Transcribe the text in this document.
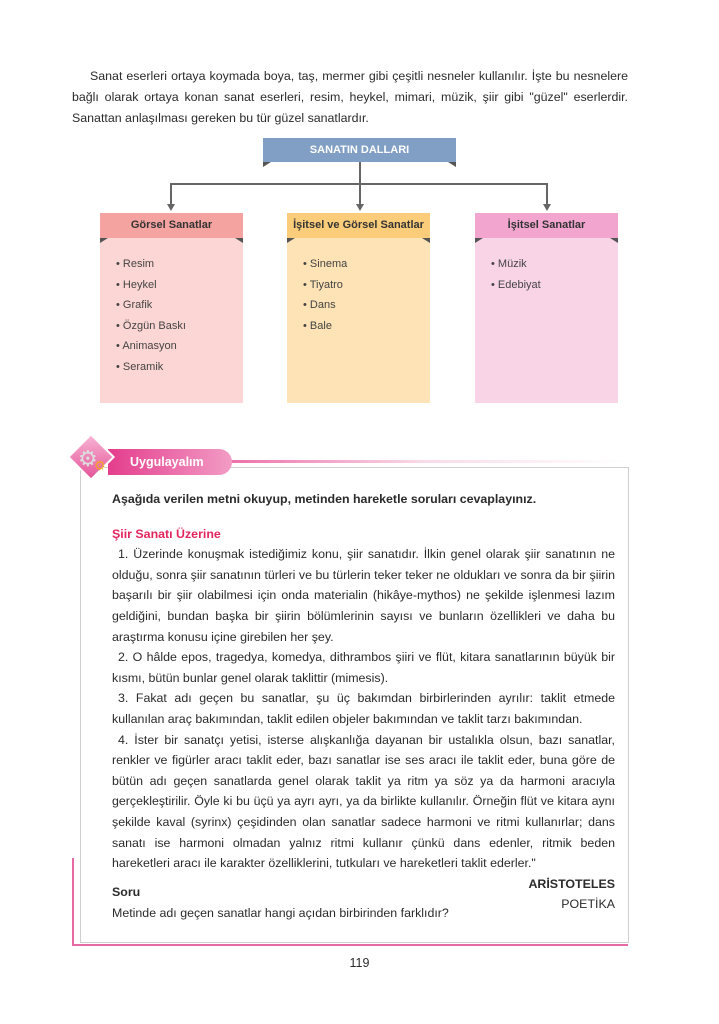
Sanat eserleri ortaya koymada boya, taş, mermer gibi çeşitli nesneler kullanılır. İşte bu nesnelere bağlı olarak ortaya konan sanat eserleri, resim, heykel, mimari, müzik, şiir gibi "güzel" eserlerdir. Sanattan anlaşılması gereken bu tür güzel sanatlardır.

SANATIN DALLARI
Görsel Sanatlar
• Resim
• Heykel
• Grafik
• Özgün Baskı
• Animasyon
• Seramik
İşitsel ve Görsel Sanatlar
• Sinema
• Tiyatro
• Dans
• Bale
İşitsel Sanatlar
• Müzik
• Edebiyat
Uygulayalım
⚙
⚙

Aşağıda verilen metni okuyup, metinden hareketle soruları cevaplayınız.

Şiir Sanatı Üzerine

1. Üzerinde konuşmak istediğimiz konu, şiir sanatıdır. İlkin genel olarak şiir sanatının ne olduğu, sonra şiir sanatının türleri ve bu türlerin teker teker ne oldukları ve sonra da bir şiirin başarılı bir şiir olabilmesi için onda materialin (hikâye-mythos) ne şekilde işlenmesi lazım geldiğini, bundan başka bir şiirin bölümlerinin sayısı ve bunların özellikleri ve daha bu araştırma konusu içine girebilen her şey.

2. O hâlde epos, tragedya, komedya, dithrambos şiiri ve flüt, kitara sanatlarının büyük bir kısmı, bütün bunlar genel olarak taklittir (mimesis).

3. Fakat adı geçen bu sanatlar, şu üç bakımdan birbirlerinden ayrılır: taklit etmede kullanılan araç bakımından, taklit edilen objeler bakımından ve taklit tarzı bakımından.

4. İster bir sanatçı yetisi, isterse alışkanlığa dayanan bir ustalıkla olsun, bazı sanatlar, renkler ve figürler aracı taklit eder, bazı sanatlar ise ses aracı ile taklit eder, buna göre de bütün adı geçen sanatlarda genel olarak taklit ya ritm ya söz ya da harmoni aracıyla gerçekleştirilir. Öyle ki bu üçü ya ayrı ayrı, ya da birlikte kullanılır. Örneğin flüt ve kitara aynı şekilde kaval (syrinx) çeşidinden olan sanatlar sadece harmoni ve ritmi kullanırlar; dans sanatı ise harmoni olmadan yalnız ritmi kullanır çünkü dans edenler, ritmik beden hareketleri aracı ile karakter özelliklerini, tutkuları ve hareketleri taklit ederler."

ARİSTOTELES

POETİKA

Soru
Metinde adı geçen sanatlar hangi açıdan birbirinden farklıdır?
119
